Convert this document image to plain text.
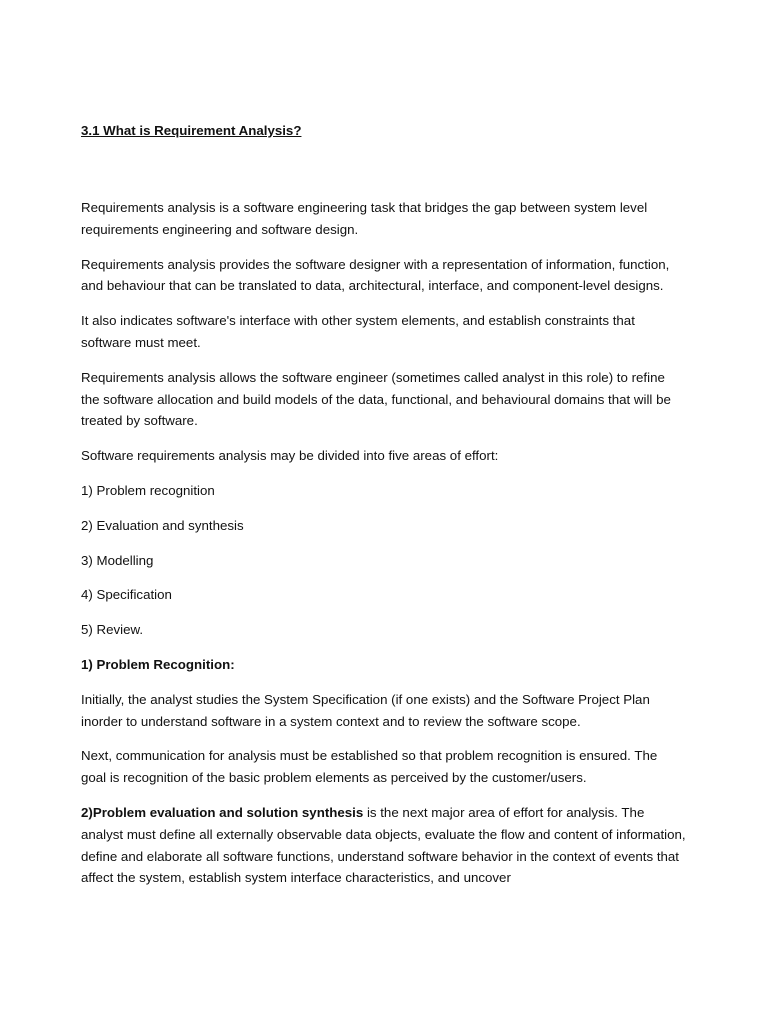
3.1 What is Requirement Analysis?

Requirements analysis is a software engineering task that bridges the gap between system level requirements engineering and software design.

Requirements analysis provides the software designer with a representation of information, function, and behaviour that can be translated to data, architectural, interface, and component-level designs.

It also indicates software's interface with other system elements, and establish constraints that software must meet.

Requirements analysis allows the software engineer (sometimes called analyst in this role) to refine the software allocation and build models of the data, functional, and behavioural domains that will be treated by software.

Software requirements analysis may be divided into five areas of effort:

1) Problem recognition
2) Evaluation and synthesis
3) Modelling
4) Specification
5) Review.
1) Problem Recognition:

Initially, the analyst studies the System Specification (if one exists) and the Software Project Plan inorder to understand software in a system context and to review the software scope.

Next, communication for analysis must be established so that problem recognition is ensured. The goal is recognition of the basic problem elements as perceived by the customer/users.

2)Problem evaluation and solution synthesis is the next major area of effort for analysis. The analyst must define all externally observable data objects, evaluate the flow and content of information, define and elaborate all software functions, understand software behavior in the context of events that affect the system, establish system interface characteristics, and uncover
